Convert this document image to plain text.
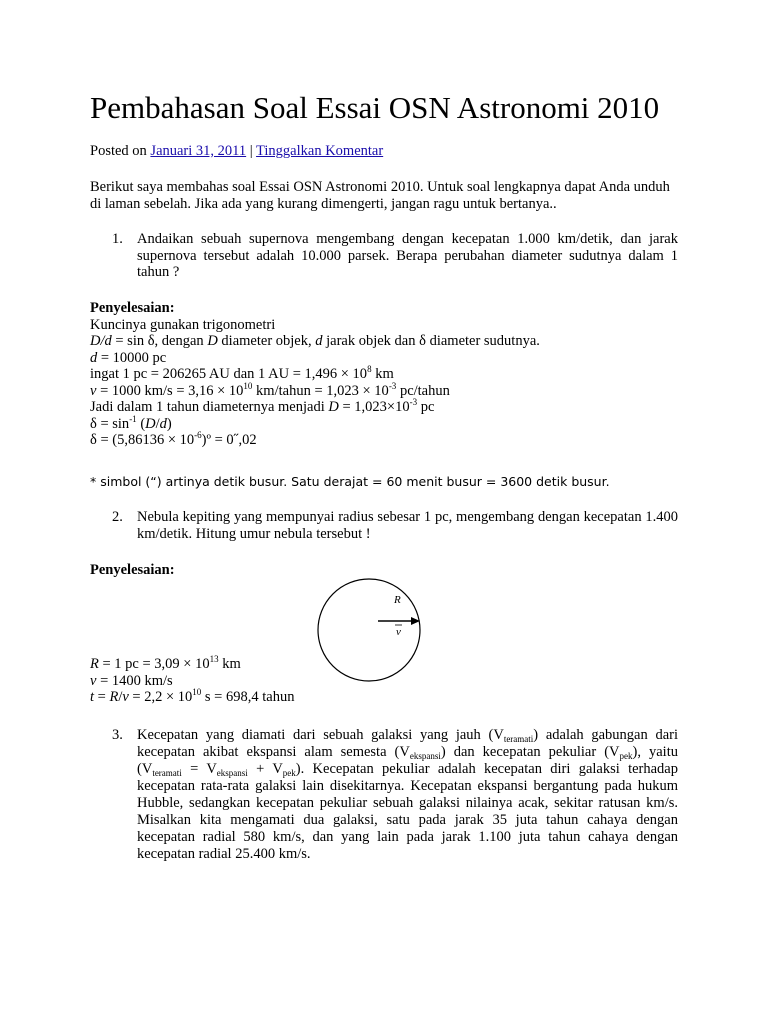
Pembahasan Soal Essai OSN Astronomi 2010
Posted on Januari 31, 2011 | Tinggalkan Komentar
Berikut saya membahas soal Essai OSN Astronomi 2010. Untuk soal lengkapnya dapat Anda unduh di laman sebelah. Jika ada yang kurang dimengerti, jangan ragu untuk bertanya..
1. Andaikan sebuah supernova mengembang dengan kecepatan 1.000 km/detik, dan jarak supernova tersebut adalah 10.000 parsek. Berapa perubahan diameter sudutnya dalam 1 tahun ?
Penyelesaian:
Kuncinya gunakan trigonometri
D/d = sin δ, dengan D diameter objek, d jarak objek dan δ diameter sudutnya.
d = 10000 pc
ingat 1 pc = 206265 AU dan 1 AU = $1,496 \times 10^8$ km
v = 1000 $km/s = 3,16 \times 10^{10}$ km/tahun = $1,023 \times 10^{-3}$ pc/tahun
Jadi dalam 1 tahun diameternya menjadi $D = 1,023\times 10^{-3}$ pc
$\delta = \sin^{-1} (D/d)$
$\delta = (5,86136 \times 10^{-6})º$ = 0˝,02
* simbol (“) artinya detik busur. Satu derajat = 60 menit busur = 3600 detik busur.
2. Nebula kepiting yang mempunyai radius sebesar 1 pc, mengembang dengan kecepatan 1.400 km/detik. Hitung umur nebula tersebut !
Penyelesaian:
R
v
R = 1 pc = $3,09 \times 10^{13}$ km
v = 1400 km/s
$t = R/v = 2,2 \times 10^{10}$ s = 698,4 tahun
3. Kecepatan yang diamati dari sebuah galaksi yang jauh $(V_{teramati})$ adalah gabungan dari kecepatan akibat ekspansi alam semesta $(V_{ekspansi})$ dan kecepatan pekuliar $(V_{pek})$, yaitu $(V_{teramati} = V_{ekspansi} + V_{pek})$. Kecepatan pekuliar adalah kecepatan diri galaksi terhadap kecepatan rata-rata galaksi lain disekitarnya. Kecepatan ekspansi bergantung pada hukum Hubble, sedangkan kecepatan pekuliar sebuah galaksi nilainya acak, sekitar ratusan km/s. Misalkan kita mengamati dua galaksi, satu pada jarak 35 juta tahun cahaya dengan kecepatan radial 580 km/s, dan yang lain pada jarak 1.100 juta tahun cahaya dengan kecepatan radial 25.400 km/s.
